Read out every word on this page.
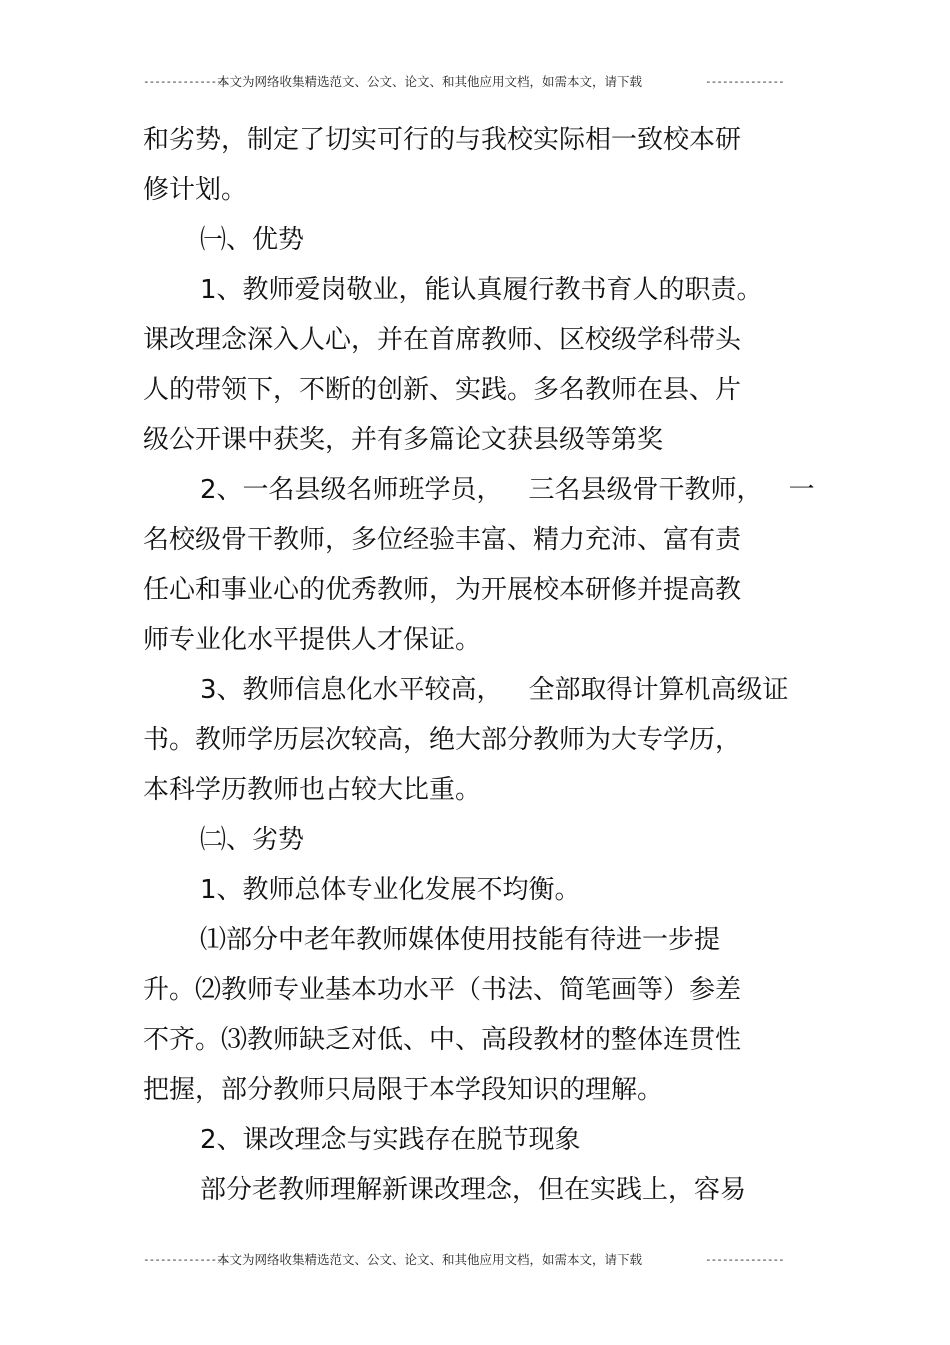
---------------
本文为网络收集精选范文、公文、论文、和其他应用文档，如需本文，请下载	--------------
和劣势，制定了切实可行的与我校实际相一致校本研
修计划。
㈠、优势
1、教师爱岗敬业，能认真履行教书育人的职责。
课改理念深入人心，并在首席教师、区校级学科带头
人的带领下，不断的创新、实践。多名教师在县、片
级公开课中获奖，并有多篇论文获县级等第奖
2、一名县级名师班学员， 三名县级骨干教师， 一
名校级骨干教师，多位经验丰富、精力充沛、富有责
任心和事业心的优秀教师，为开展校本研修并提高教
师专业化水平提供人才保证。
3、教师信息化水平较高， 全部取得计算机高级证
书。教师学历层次较高，绝大部分教师为大专学历，
本科学历教师也占较大比重。
㈡、劣势
1、教师总体专业化发展不均衡。
⑴部分中老年教师媒体使用技能有待进一步提
升。⑵教师专业基本功水平（书法、简笔画等）参差
不齐。⑶教师缺乏对低、中、高段教材的整体连贯性
把握，部分教师只局限于本学段知识的理解。
2、课改理念与实践存在脱节现象
部分老教师理解新课改理念，但在实践上，容易
---------------
本文为网络收集精选范文、公文、论文、和其他应用文档，如需本文，请下载	--------------
